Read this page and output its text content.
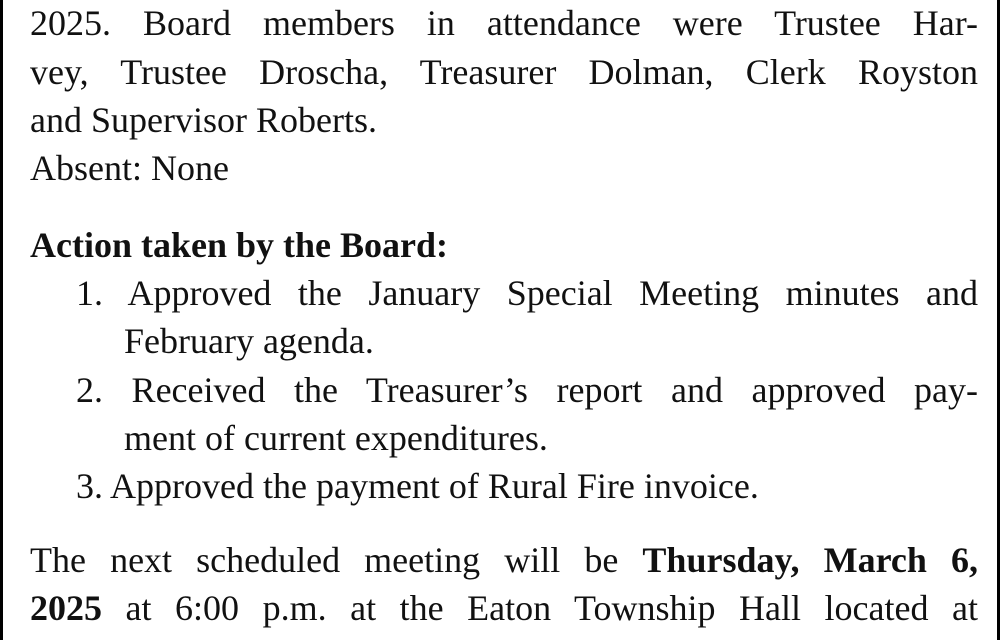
2025. Board members in attendance were Trustee Har-
vey, Trustee Droscha, Treasurer Dolman, Clerk Royston
and Supervisor Roberts.
Absent: None
Action taken by the Board:
1. Approved the January Special Meeting minutes and
February agenda.
2. Received the Treasurer’s report and approved pay-
ment of current expenditures.
3. Approved the payment of Rural Fire invoice.
The next scheduled meeting will be Thursday, March 6,
2025 at 6:00 p.m. at the Eaton Township Hall located at
